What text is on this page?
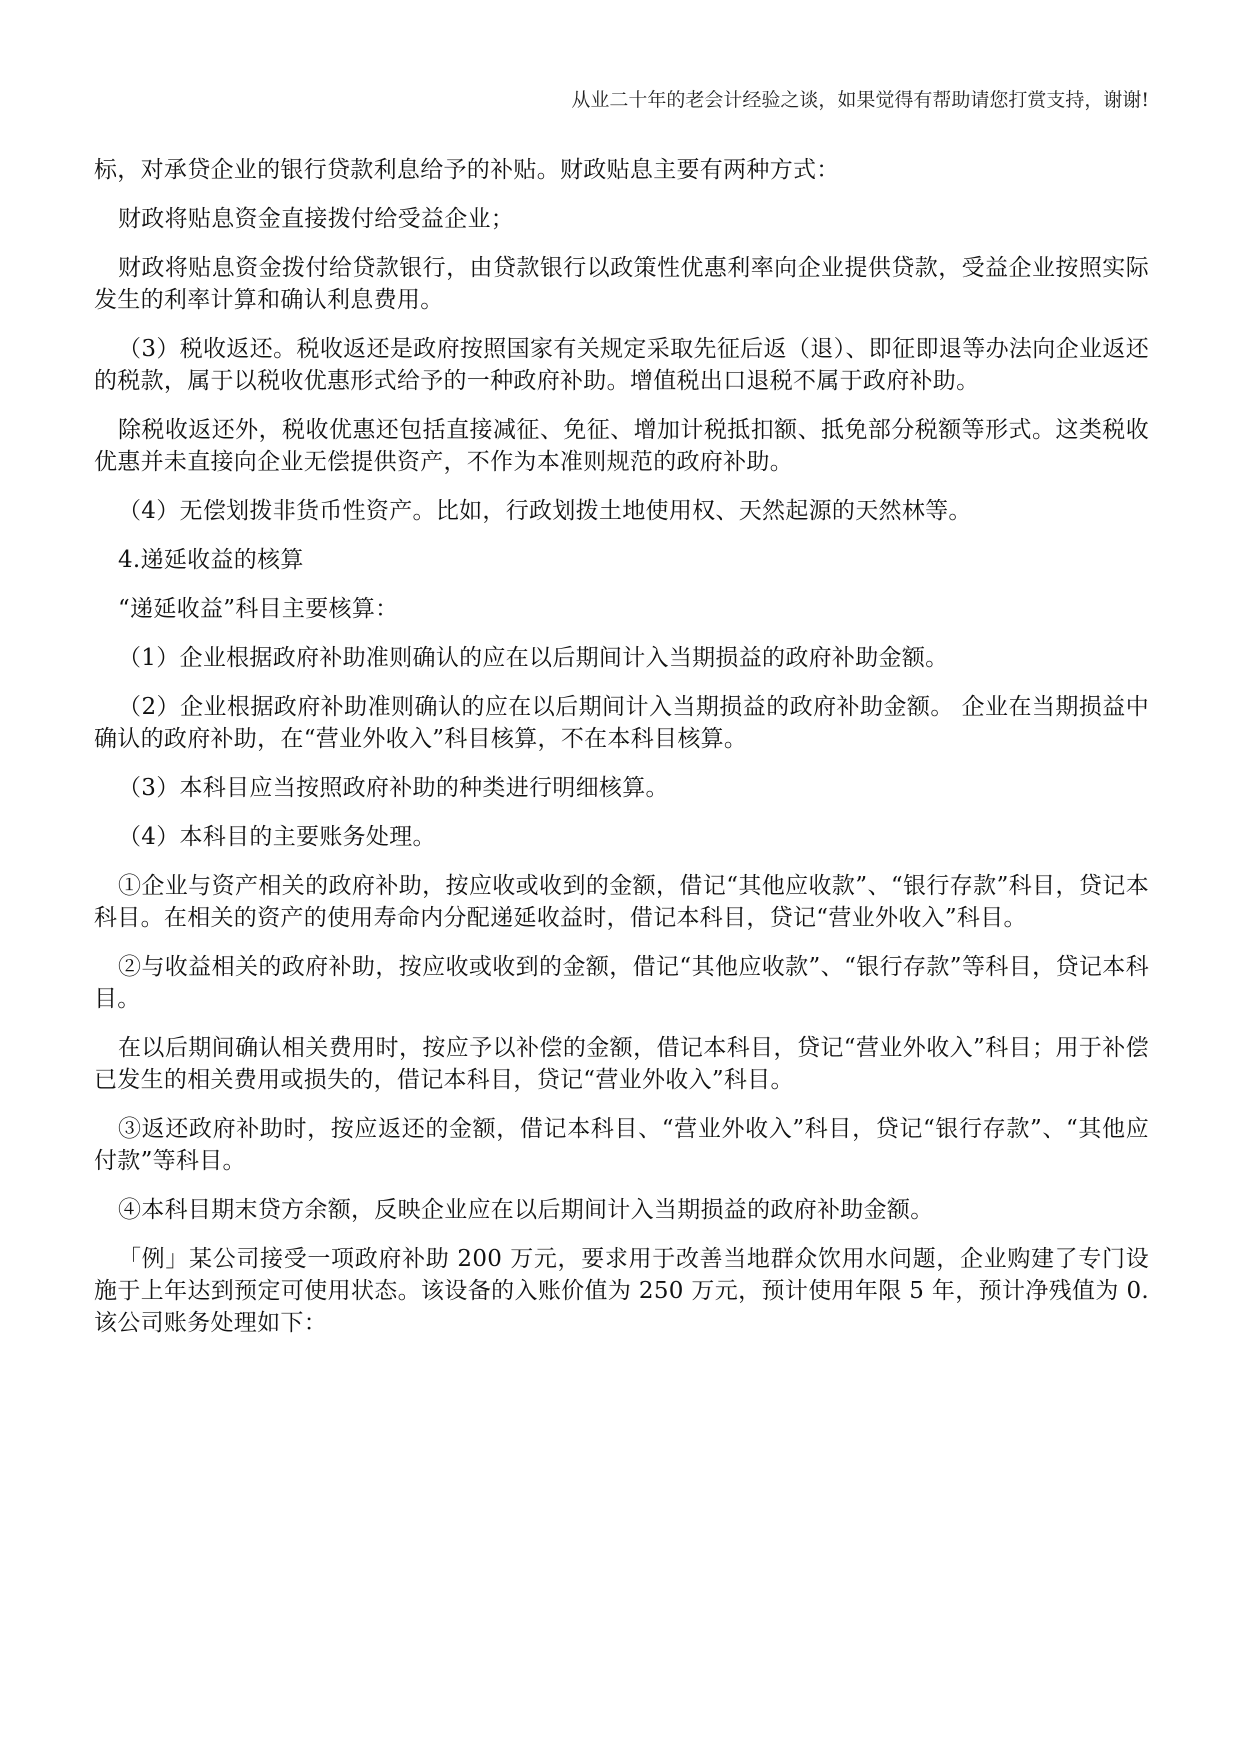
从业二十年的老会计经验之谈，如果觉得有帮助请您打赏支持，谢谢!

标，对承贷企业的银行贷款利息给予的补贴。财政贴息主要有两种方式：

财政将贴息资金直接拨付给受益企业；

财政将贴息资金拨付给贷款银行，由贷款银行以政策性优惠利率向企业提供贷款，受益企业按照实际发生的利率计算和确认利息费用。

（3）税收返还。税收返还是政府按照国家有关规定采取先征后返（退）、即征即退等办法向企业返还的税款，属于以税收优惠形式给予的一种政府补助。增值税出口退税不属于政府补助。

除税收返还外，税收优惠还包括直接减征、免征、增加计税抵扣额、抵免部分税额等形式。这类税收优惠并未直接向企业无偿提供资产，不作为本准则规范的政府补助。

（4）无偿划拨非货币性资产。比如，行政划拨土地使用权、天然起源的天然林等。

4.递延收益的核算

“递延收益”科目主要核算：

（1）企业根据政府补助准则确认的应在以后期间计入当期损益的政府补助金额。

（2）企业根据政府补助准则确认的应在以后期间计入当期损益的政府补助金额。 企业在当期损益中确认的政府补助，在“营业外收入”科目核算，不在本科目核算。

（3）本科目应当按照政府补助的种类进行明细核算。

（4）本科目的主要账务处理。

①企业与资产相关的政府补助，按应收或收到的金额，借记“其他应收款”、“银行存款”科目，贷记本科目。在相关的资产的使用寿命内分配递延收益时，借记本科目，贷记“营业外收入”科目。

②与收益相关的政府补助，按应收或收到的金额，借记“其他应收款”、“银行存款”等科目，贷记本科目。

在以后期间确认相关费用时，按应予以补偿的金额，借记本科目，贷记“营业外收入”科目；用于补偿已发生的相关费用或损失的，借记本科目，贷记“营业外收入”科目。

③返还政府补助时，按应返还的金额，借记本科目、“营业外收入”科目，贷记“银行存款”、“其他应付款”等科目。

④本科目期末贷方余额，反映企业应在以后期间计入当期损益的政府补助金额。

「例」某公司接受一项政府补助 200 万元，要求用于改善当地群众饮用水问题，企业购建了专门设施于上年达到预定可使用状态。该设备的入账价值为 250 万元，预计使用年限 5 年，预计净残值为 0.该公司账务处理如下：
